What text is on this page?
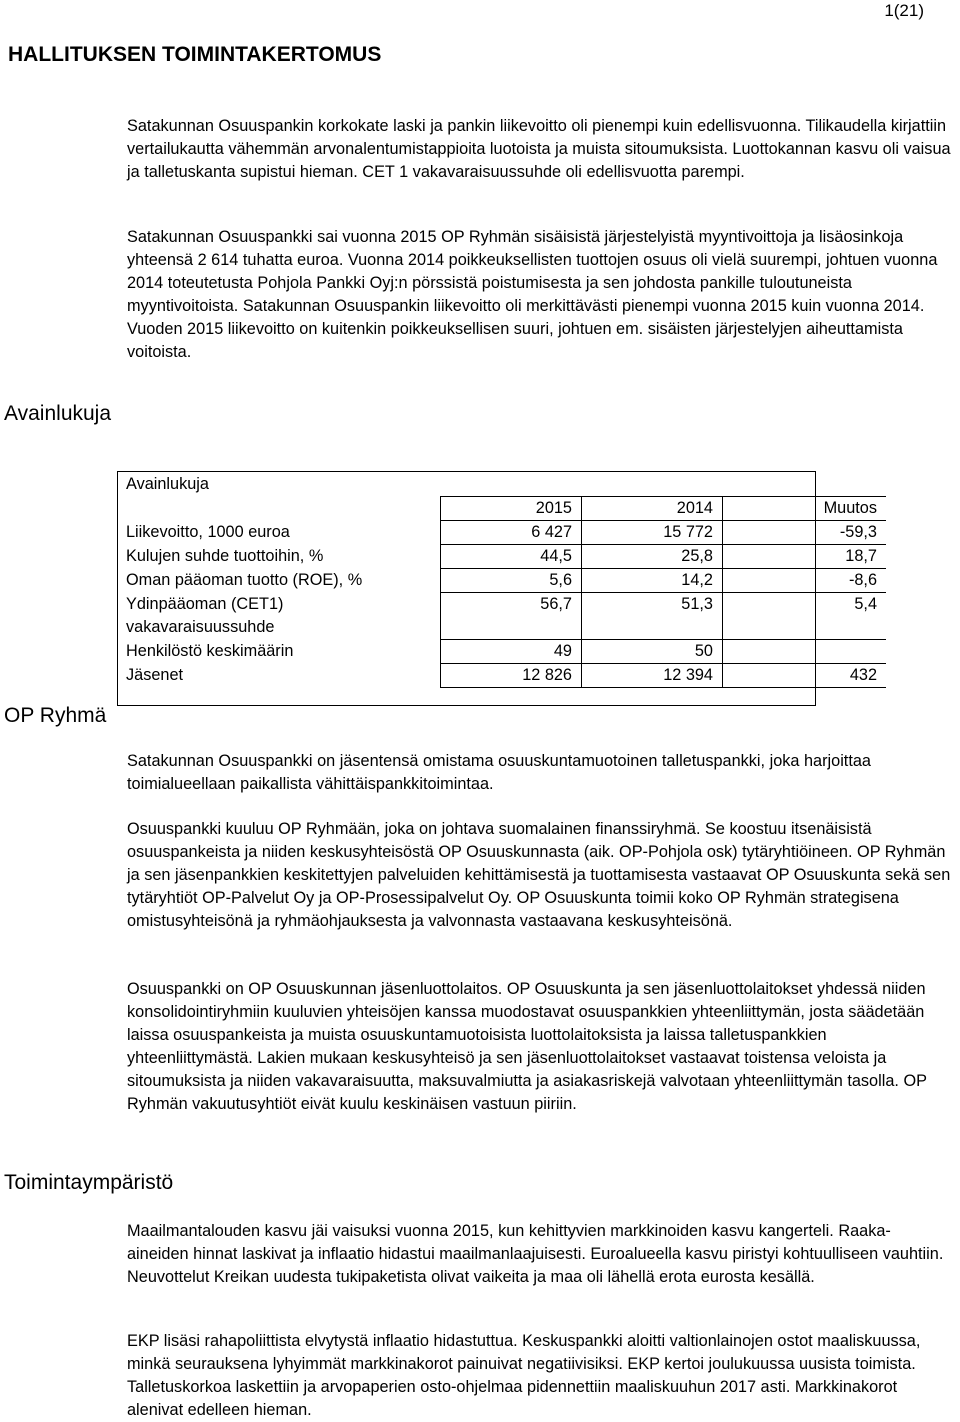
1(21)
HALLITUKSEN TOIMINTAKERTOMUS

Satakunnan Osuuspankin korkokate laski ja pankin liikevoitto oli pienempi kuin edellisvuonna. Tilikaudella kirjattiin vertailukautta vähemmän arvonalentumistappioita luotoista ja muista sitoumuksista. Luottokannan kasvu oli vaisua ja talletuskanta supistui hieman. CET 1 vakavaraisuussuhde oli edellisvuotta parempi.

Satakunnan Osuuspankki sai vuonna 2015 OP Ryhmän sisäisistä järjestelyistä myyntivoittoja ja lisäosinkoja yhteensä 2 614 tuhatta euroa. Vuonna 2014 poikkeuksellisten tuottojen osuus oli vielä suurempi, johtuen vuonna 2014 toteutetusta Pohjola Pankki Oyj:n pörssistä poistumisesta ja sen johdosta pankille tuloutuneista myyntivoitoista. Satakunnan Osuuspankin liikevoitto oli merkittävästi pienempi vuonna 2015 kuin vuonna 2014. Vuoden 2015 liikevoitto on kuitenkin poikkeuksellisen suuri, johtuen em. sisäisten järjestelyjen aiheuttamista voitoista.

Avainlukuja
Avainlukuja
	2015	2014	Muutos
Liikevoitto, 1000 euroa	6 427	15 772	-59,3
Kulujen suhde tuottoihin, %	44,5	25,8	18,7
Oman pääoman tuotto (ROE), %	5,6	14,2	-8,6
Ydinpääoman (CET1) vakavaraisuussuhde	56,7	51,3	5,4
Henkilöstö keskimäärin	49	50	
Jäsenet	12 826	12 394	432
OP Ryhmä

Satakunnan Osuuspankki on jäsentensä omistama osuuskuntamuotoinen talletuspankki, joka harjoittaa toimialueellaan paikallista vähittäispankkitoimintaa.

Osuuspankki kuuluu OP Ryhmään, joka on johtava suomalainen finanssiryhmä. Se koostuu itsenäisistä osuuspankeista ja niiden keskusyhteisöstä OP Osuuskunnasta (aik. OP-Pohjola osk) tytäryhtiöineen. OP Ryhmän ja sen jäsenpankkien keskitettyjen palveluiden kehittämisestä ja tuottamisesta vastaavat OP Osuuskunta sekä sen tytäryhtiöt OP-Palvelut Oy ja OP-Prosessipalvelut Oy. OP Osuuskunta toimii koko OP Ryhmän strategisena omistusyhteisönä ja ryhmäohjauksesta ja valvonnasta vastaavana keskusyhteisönä.

Osuuspankki on OP Osuuskunnan jäsenluottolaitos. OP Osuuskunta ja sen jäsenluottolaitokset yhdessä niiden konsolidointiryhmiin kuuluvien yhteisöjen kanssa muodostavat osuuspankkien yhteenliittymän, josta säädetään laissa osuuspankeista ja muista osuuskuntamuotoisista luottolaitoksista ja laissa talletuspankkien yhteenliittymästä. Lakien mukaan keskusyhteisö ja sen jäsenluottolaitokset vastaavat toistensa veloista ja sitoumuksista ja niiden vakavaraisuutta, maksuvalmiutta ja asiakasriskejä valvotaan yhteenliittymän tasolla. OP Ryhmän vakuutusyhtiöt eivät kuulu keskinäisen vastuun piiriin.

Toimintaympäristö

Maailmantalouden kasvu jäi vaisuksi vuonna 2015, kun kehittyvien markkinoiden kasvu kangerteli. Raaka-aineiden hinnat laskivat ja inflaatio hidastui maailmanlaajuisesti. Euroalueella kasvu piristyi kohtuulliseen vauhtiin. Neuvottelut Kreikan uudesta tukipaketista olivat vaikeita ja maa oli lähellä erota eurosta kesällä.

EKP lisäsi rahapoliittista elvytystä inflaatio hidastuttua. Keskuspankki aloitti valtionlainojen ostot maaliskuussa, minkä seurauksena lyhyimmät markkinakorot painuivat negatiivisiksi. EKP kertoi joulukuussa uusista toimista. Talletuskorkoa laskettiin ja arvopaperien osto-ohjelmaa pidennettiin maaliskuuhun 2017 asti. Markkinakorot alenivat edelleen hieman.
